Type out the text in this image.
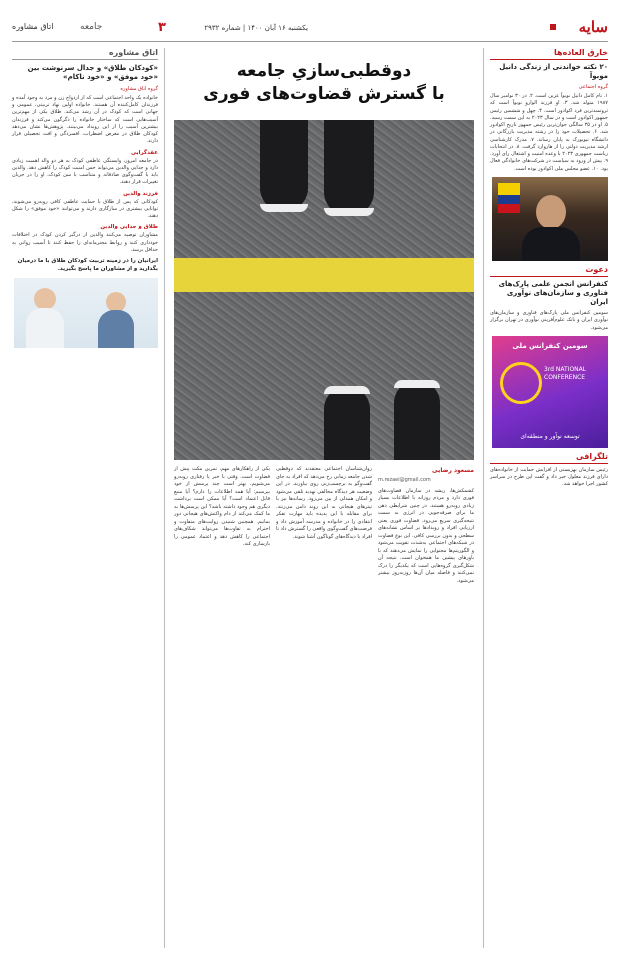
سایه
یکشنبه ۱۶ آبان ۱۴۰۰ | شماره ۲۹۳۲
۳
جامعه
اتاق مشاوره
خارق العاده‌ها
۲۰ نکته خواندنی از زندگی دانیل موبوآ
گروه اجتماعی
۱. نام کامل دانیل نوبوآ عزین است. ۲. در ۳۰ نوامبر سال ۱۹۸۷ متولد شد. ۳. او فرزند الوارو نوبوآ است که ثروتمندترین فرد اکوادور است. ۴. چهل و ششمین رئیس جمهور اکوادور است و در سال ۲۰۲۳ به این سمت رسید. ۵. او در ۳۵ سالگی جوان‌ترین رئیس جمهور تاریخ اکوادور شد. ۶. تحصیلات خود را در رشته مدیریت بازرگانی در دانشگاه نیویورک به پایان رساند. ۷. مدرک کارشناسی ارشد مدیریت دولتی را از هاروارد گرفت. ۸. در انتخابات ریاست جمهوری ۲۰۲۳ با وعده امنیت و اشتغال رای آورد. ۹. پیش از ورود به سیاست در شرکت‌های خانوادگی فعال بود. ۱۰. عضو مجلس ملی اکوادور بوده است.
دعوت
کنفرانس انجمن علمی پارک‌های فناوری و سازمان‌های نوآوری ایران
سومین کنفرانس ملی پارک‌های فناوری و سازمان‌های نوآوری ایران و بانک علوم‌آفرینی نوآوری در تهران برگزار می‌شود.
سومین کنفرانس ملی
3rd NATIONAL CONFERENCE
توسعه نوآور و منطقه‌ای
تلگرافی
رئیس سازمان بهزیستی از افزایش حمایت از خانواده‌های دارای فرزند معلول خبر داد و گفت این طرح در سراسر کشور اجرا خواهد شد.
دوقطبی‌سازیِ جامعه
با گسترش قضاوت‌های فوری
مسعود رضایی
m.rezaei@gmail.com
کشمکش‌ها، ریشه در سازمان قضاوت‌های فوری دارد و مردم روزانه با اطلاعات بسیار زیادی روبه‌رو هستند. در چنین شرایطی ذهن ما برای صرفه‌جویی در انرژی به سمت نتیجه‌گیری سریع می‌رود. قضاوت فوری یعنی ارزیابی افراد و رویدادها بر اساس نشانه‌های سطحی و بدون بررسی کافی. این نوع قضاوت در شبکه‌های اجتماعی به‌شدت تقویت می‌شود و الگوریتم‌ها محتوایی را نمایش می‌دهند که با باورهای پیشین ما همخوان است. نتیجه آن شکل‌گیری گروه‌هایی است که یکدیگر را درک نمی‌کنند و فاصله میان آن‌ها روزبه‌روز بیشتر می‌شود.
روان‌شناسان اجتماعی معتقدند که دوقطبی شدن جامعه زمانی رخ می‌دهد که افراد به جای گفت‌وگو به برچسب‌زنی روی بیاورند. در این وضعیت هر دیدگاه مخالفی تهدید تلقی می‌شود و امکان همدلی از بین می‌رود. رسانه‌ها نیز با تیترهای هیجانی به این روند دامن می‌زنند. برای مقابله با این پدیده باید مهارت تفکر انتقادی را در خانواده و مدرسه آموزش داد و فرصت‌های گفت‌وگوی واقعی را گسترش داد تا افراد با دیدگاه‌های گوناگون آشنا شوند.
یکی از راهکارهای مهم، تمرین مکث پیش از قضاوت است. وقتی با خبر یا رفتاری روبه‌رو می‌شویم، بهتر است چند پرسش از خود بپرسیم: آیا همه اطلاعات را دارم؟ آیا منبع قابل اعتماد است؟ آیا ممکن است برداشت دیگری هم وجود داشته باشد؟ این پرسش‌ها به ما کمک می‌کند از دام واکنش‌های هیجانی دور بمانیم. همچنین شنیدن روایت‌های متفاوت و احترام به تفاوت‌ها می‌تواند شکاف‌های اجتماعی را کاهش دهد و اعتماد عمومی را بازسازی کند.
اتاق مشاوره
«کودکان طلاق» و جدال سرنوشت بین «خود موفق» و «خود ناکام»
گروه اتاق مشاوره
خانواده یک واحد اجتماعی است که از ازدواج زن و مرد به وجود آمده و فرزندان کامل‌کننده آن هستند. خانواده اولین نهاد تربیتی، عمومی و جهانی است که کودک در آن رشد می‌کند. طلاق یکی از مهم‌ترین آسیب‌هایی است که ساختار خانواده را دگرگون می‌کند و فرزندان بیشترین آسیب را از این رویداد می‌بینند. پژوهش‌ها نشان می‌دهد کودکان طلاق در معرض اضطراب، افسردگی و افت تحصیلی قرار دارند.
عقدگرایی
در جامعه امروز، وابستگی عاطفی کودک به هر دو والد اهمیت زیادی دارد و جدایی والدین می‌تواند حس امنیت کودک را کاهش دهد. والدین باید با گفت‌وگوی صادقانه و متناسب با سن کودک، او را در جریان تغییرات قرار دهند.
فرزند والدین
کودکانی که پس از طلاق با حمایت عاطفی کافی روبه‌رو می‌شوند، توانایی بیشتری در سازگاری دارند و می‌توانند «خود موفق» را شکل دهند.
طلاق و جدایی والدین
مشاوران توصیه می‌کنند والدین از درگیر کردن کودک در اختلافات خودداری کنند و روابط محترمانه‌ای را حفظ کنند تا آسیب روانی به حداقل برسد.
ایرانیان را در زمینه تربیت کودکان طلاق با ما درمیان بگذارید و از مشاوران ما پاسخ بگیرید.
